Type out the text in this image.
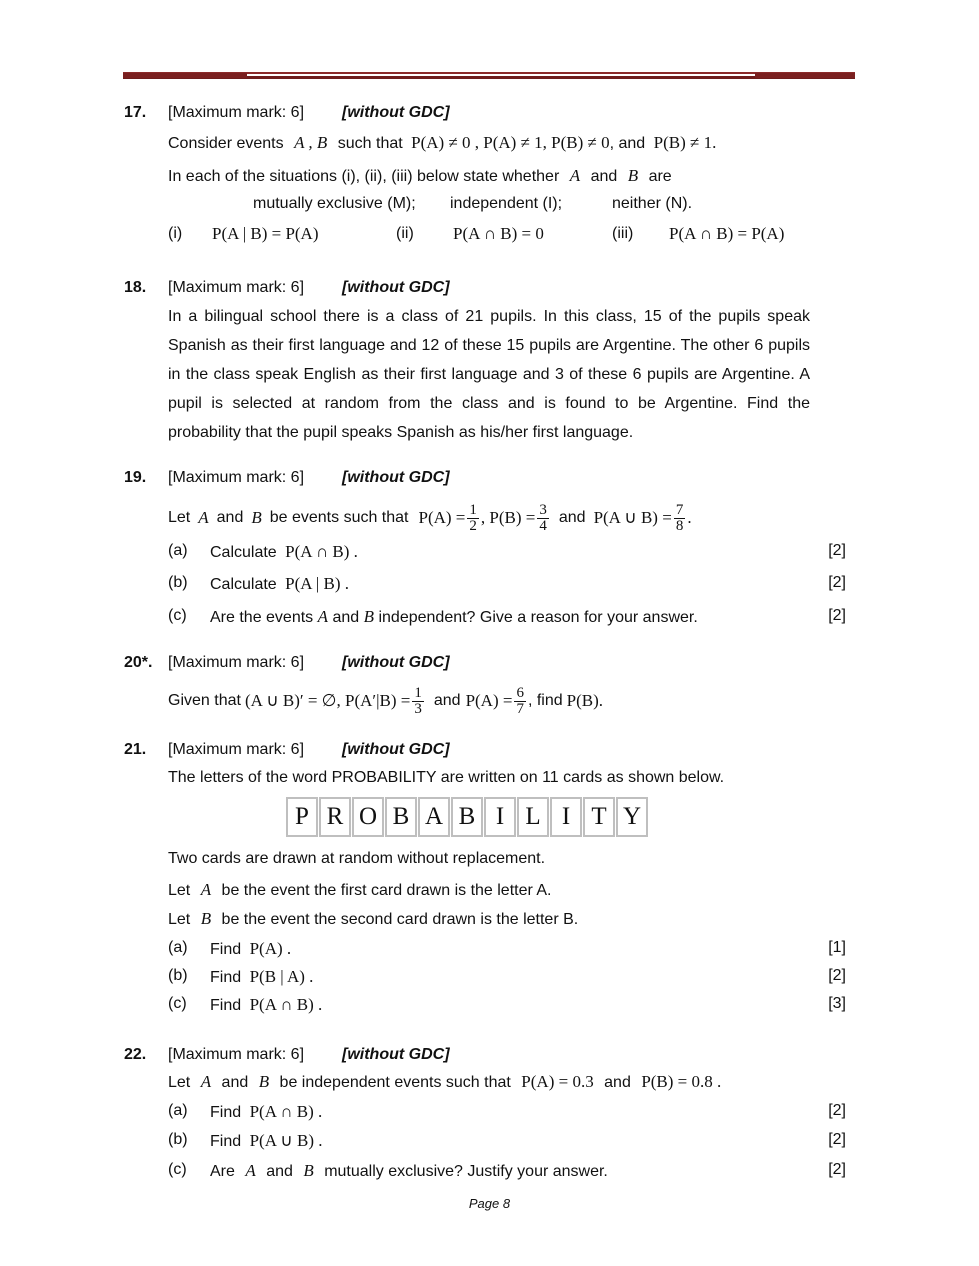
17. [Maximum mark: 6] [without GDC]
Consider events A , B such that P(A) ≠ 0 , P(A) ≠ 1, P(B) ≠ 0, and P(B) ≠ 1.
In each of the situations (i), (ii), (iii) below state whether A and B are
mutually exclusive (M); independent (I);	neither (N).
(i) P(A | B) = P(A)	(ii) P(A ∩ B) = 0	(iii) P(A ∩ B) = P(A)
18. [Maximum mark: 6] [without GDC]
In a bilingual school there is a class of 21 pupils. In this class, 15 of the pupils speak Spanish as their first language and 12 of these 15 pupils are Argentine. The other 6 pupils in the class speak English as their first language and 3 of these 6 pupils are Argentine. A pupil is selected at random from the class and is found to be Argentine. Find the probability that the pupil speaks Spanish as his/her first language.
19. [Maximum mark: 6] [without GDC]
Let A and B be events such that $P(A) = \frac{1}{2}$ , $P(B) = \frac{3}{4}$ and P(A ∪ $B) = \frac{7}{8}$ .
(a) Calculate P(A ∩ B) .	[2]
(b) Calculate P(A | B) .	[2]
(c) Are the events A and B independent? Give a reason for your answer.	[2]
20*. [Maximum mark: 6] [without GDC]
Given that (A ∪ B)′ = ∅, $P(A'|B) = \frac{1}{3}$ and $P(A) = \frac{6}{7}$ , find P(B).
21. [Maximum mark: 6] [without GDC]
The letters of the word PROBABILITY are written on 11 cards as shown below.
P R O B A B I L I T Y
Two cards are drawn at random without replacement.
Let A be the event the first card drawn is the letter A.
Let B be the event the second card drawn is the letter B.
(a) Find P(A) .	[1]
(b) Find P(B | A) .	[2]
(c) Find P(A ∩ B) .	[3]
22. [Maximum mark: 6] [without GDC]
Let A and B be independent events such that P(A) = 0.3 and P(B) = 0.8 .
(a) Find P(A ∩ B) .	[2]
(b) Find P(A ∪ B) .	[2]
(c) Are A and B mutually exclusive? Justify your answer.	[2]
Page 8
